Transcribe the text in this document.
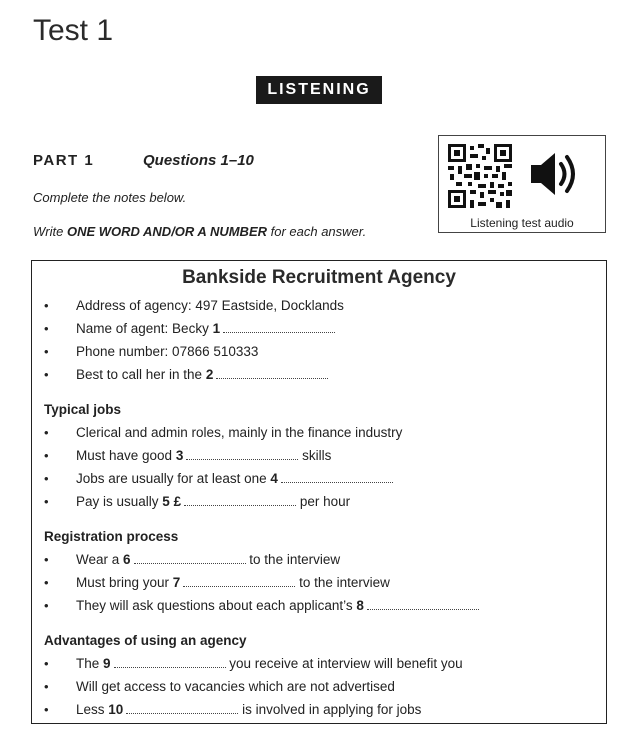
Test 1
LISTENING
PART 1	Questions 1–10
Complete the notes below.
Write ONE WORD AND/OR A NUMBER for each answer.
Listening test audio
Bankside Recruitment Agency
• Address of agency: 497 Eastside, Docklands
• Name of agent: Becky 1
• Phone number: 07866 510333
• Best to call her in the 2
Typical jobs
• Clerical and admin roles, mainly in the finance industry
• Must have good 3	skills
• Jobs are usually for at least one 4
• Pay is usually 5 £	per hour
Registration process
• Wear a 6	to the interview
• Must bring your 7	to the interview
• They will ask questions about each applicant’s 8
Advantages of using an agency
• The 9	you receive at interview will benefit you
• Will get access to vacancies which are not advertised
• Less 10	is involved in applying for jobs
